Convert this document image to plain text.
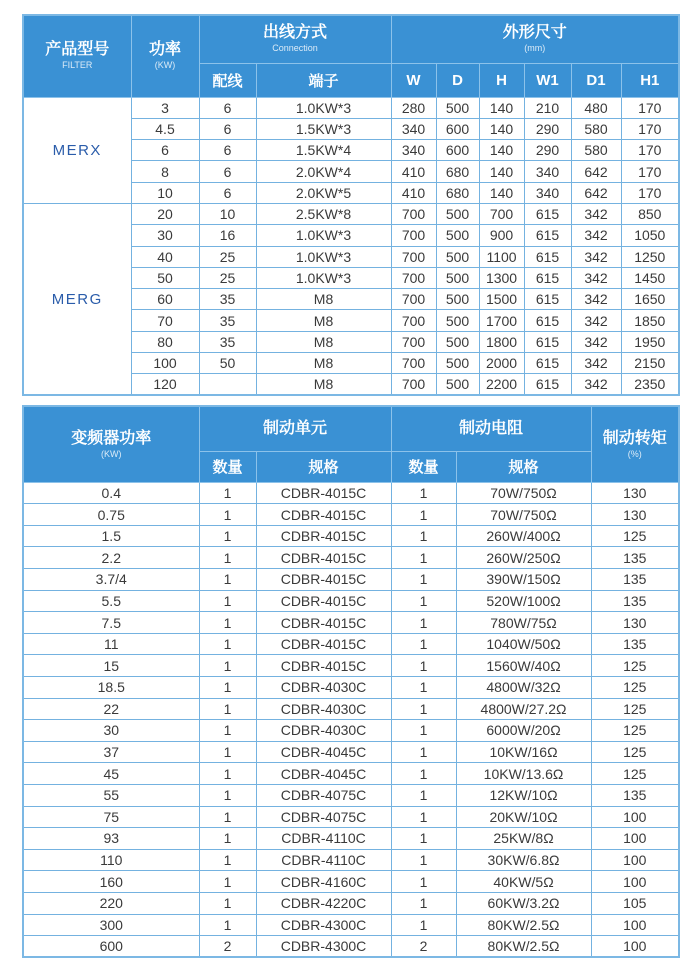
产品型号
FILTER

功率
(KW)

出线方式
Connection

外形尺寸
(mm)

		配线	端子	W	D	H	W1	D1	H1
MERX	3	6	1.0KW*3	280	500	140	210	480	170
	4.5	6	1.5KW*3	340	600	140	290	580	170
	6	6	1.5KW*4	340	600	140	290	580	170
	8	6	2.0KW*4	410	680	140	340	642	170
	10	6	2.0KW*5	410	680	140	340	642	170
MERG	20	10	2.5KW*8	700	500	700	615	342	850
	30	16	1.0KW*3	700	500	900	615	342	1050
	40	25	1.0KW*3	700	500	1100	615	342	1250
	50	25	1.0KW*3	700	500	1300	615	342	1450
	60	35	M8	700	500	1500	615	342	1650
	70	35	M8	700	500	1700	615	342	1850
	80	35	M8	700	500	1800	615	342	1950
	100	50	M8	700	500	2000	615	342	2150
	120		M8	700	500	2200	615	342	2350
变频器功率
(KW)

制动单元	制动电阻

制动转矩
(%)

	数量	规格	数量	规格	
0.4	1	CDBR-4015C	1	70W/750Ω	130
0.75	1	CDBR-4015C	1	70W/750Ω	130
1.5	1	CDBR-4015C	1	260W/400Ω	125
2.2	1	CDBR-4015C	1	260W/250Ω	135
3.7/4	1	CDBR-4015C	1	390W/150Ω	135
5.5	1	CDBR-4015C	1	520W/100Ω	135
7.5	1	CDBR-4015C	1	780W/75Ω	130
11	1	CDBR-4015C	1	1040W/50Ω	135
15	1	CDBR-4015C	1	1560W/40Ω	125
18.5	1	CDBR-4030C	1	4800W/32Ω	125
22	1	CDBR-4030C	1	4800W/27.2Ω	125
30	1	CDBR-4030C	1	6000W/20Ω	125
37	1	CDBR-4045C	1	10KW/16Ω	125
45	1	CDBR-4045C	1	10KW/13.6Ω	125
55	1	CDBR-4075C	1	12KW/10Ω	135
75	1	CDBR-4075C	1	20KW/10Ω	100
93	1	CDBR-4110C	1	25KW/8Ω	100
110	1	CDBR-4110C	1	30KW/6.8Ω	100
160	1	CDBR-4160C	1	40KW/5Ω	100
220	1	CDBR-4220C	1	60KW/3.2Ω	105
300	1	CDBR-4300C	1	80KW/2.5Ω	100
600	2	CDBR-4300C	2	80KW/2.5Ω	100
